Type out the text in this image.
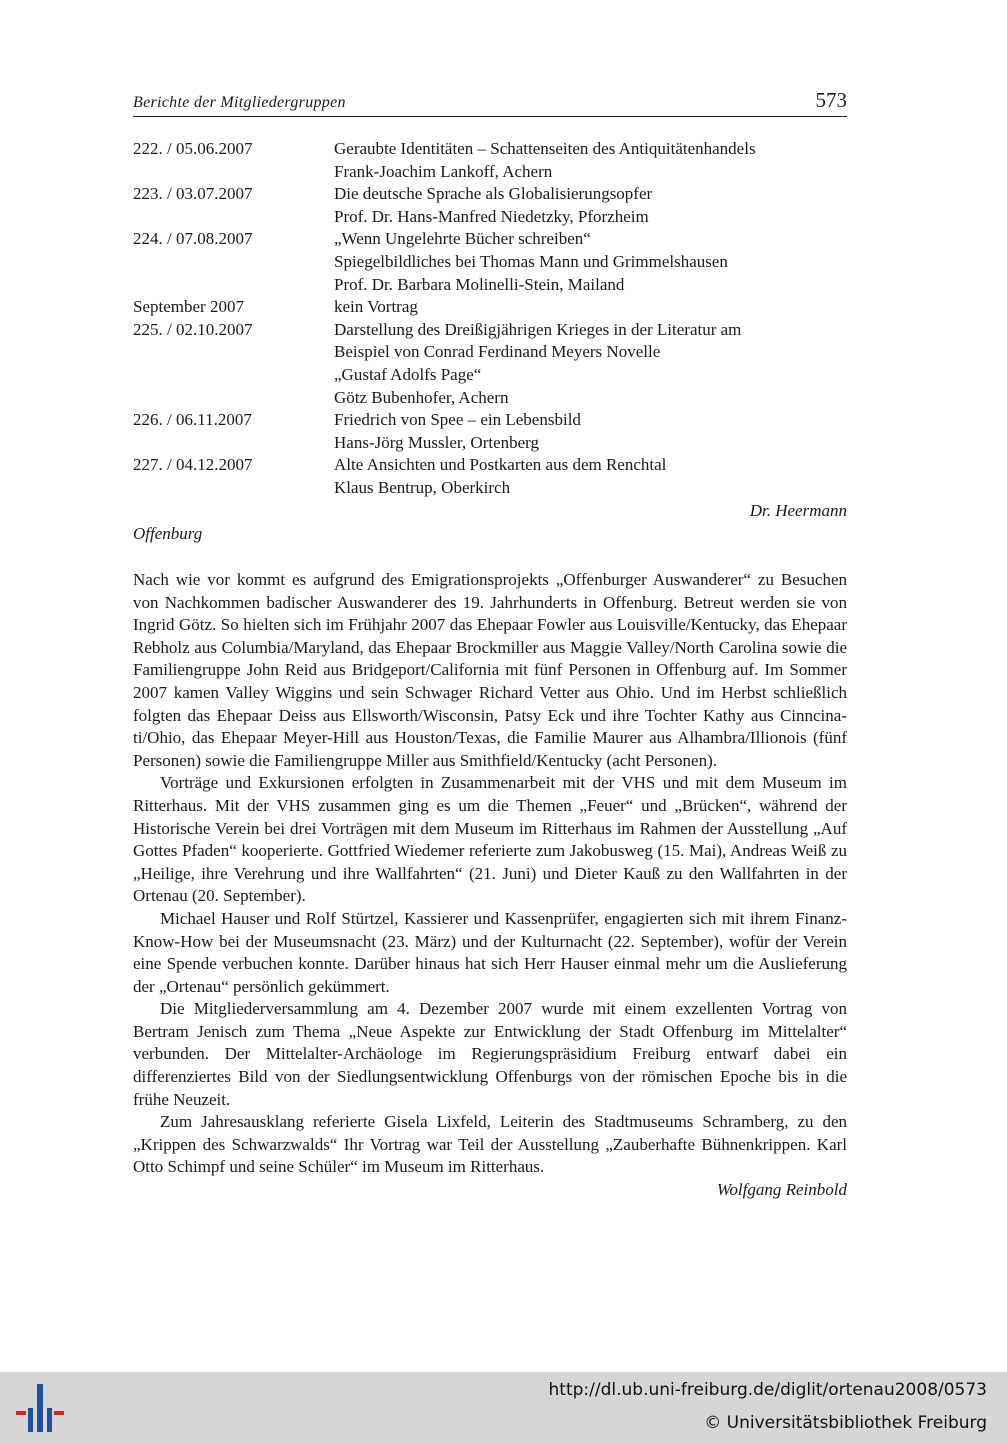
Berichte der Mitgliedergruppen	573
222. / 05.06.2007	Geraubte Identitäten – Schattenseiten des Antiquitätenhandels
Frank-Joachim Lankoff, Achern
223. / 03.07.2007	Die deutsche Sprache als Globalisierungsopfer
Prof. Dr. Hans-Manfred Niedetzky, Pforzheim
224. / 07.08.2007	„Wenn Ungelehrte Bücher schreiben“
Spiegelbildliches bei Thomas Mann und Grimmelshausen
Prof. Dr. Barbara Molinelli-Stein, Mailand
September 2007	kein Vortrag
225. / 02.10.2007	Darstellung des Dreißigjährigen Krieges in der Literatur am
Beispiel von Conrad Ferdinand Meyers Novelle
„Gustaf Adolfs Page“
Götz Bubenhofer, Achern
226. / 06.11.2007	Friedrich von Spee – ein Lebensbild
Hans-Jörg Mussler, Ortenberg
227. / 04.12.2007	Alte Ansichten und Postkarten aus dem Renchtal
Klaus Bentrup, Oberkirch
Dr. Heermann
Offenburg

Nach wie vor kommt es aufgrund des Emigrationsprojekts „Offenburger Auswanderer“ zu Besuchen von Nachkommen badischer Auswanderer des 19. Jahrhunderts in Offenburg. Betreut werden sie von Ingrid Götz. So hielten sich im Frühjahr 2007 das Ehepaar Fowler aus Louisville/Kentucky, das Ehepaar Rebholz aus Columbia/Maryland, das Ehepaar Brockmiller aus Maggie Valley/North Carolina sowie die Familiengruppe John Reid aus Bridgeport/California mit fünf Personen in Offenburg auf. Im Sommer 2007 kamen Valley Wiggins und sein Schwager Richard Vetter aus Ohio. Und im Herbst schließlich folgten das Ehepaar Deiss aus Ellsworth/Wisconsin, Patsy Eck und ihre Tochter Kathy aus Cinncinati/Ohio, das Ehepaar Meyer-Hill aus Houston/Texas, die Familie Maurer aus Alhambra/Illionois (fünf Personen) sowie die Familiengruppe Miller aus Smithfield/Kentucky (acht Personen).

Vorträge und Exkursionen erfolgten in Zusammenarbeit mit der VHS und mit dem Museum im Ritterhaus. Mit der VHS zusammen ging es um die Themen „Feuer“ und „Brücken“, während der Historische Verein bei drei Vorträgen mit dem Museum im Ritterhaus im Rahmen der Ausstellung „Auf Gottes Pfaden“ kooperierte. Gottfried Wiedemer referierte zum Jakobusweg (15. Mai), Andreas Weiß zu „Heilige, ihre Verehrung und ihre Wallfahrten“ (21. Juni) und Dieter Kauß zu den Wallfahrten in der Ortenau (20. September).

Michael Hauser und Rolf Stürtzel, Kassierer und Kassenprüfer, engagierten sich mit ihrem Finanz-Know-How bei der Museumsnacht (23. März) und der Kulturnacht (22. September), wofür der Verein eine Spende verbuchen konnte. Darüber hinaus hat sich Herr Hauser einmal mehr um die Auslieferung der „Ortenau“ persönlich gekümmert.

Die Mitgliederversammlung am 4. Dezember 2007 wurde mit einem exzellenten Vortrag von Bertram Jenisch zum Thema „Neue Aspekte zur Entwicklung der Stadt Offenburg im Mittelalter“ verbunden. Der Mittelalter-Archäologe im Regierungspräsidium Freiburg entwarf dabei ein differenziertes Bild von der Siedlungsentwicklung Offenburgs von der römischen Epoche bis in die frühe Neuzeit.

Zum Jahresausklang referierte Gisela Lixfeld, Leiterin des Stadtmuseums Schramberg, zu den „Krippen des Schwarzwalds“ Ihr Vortrag war Teil der Ausstellung „Zauberhafte Bühnenkrippen. Karl Otto Schimpf und seine Schüler“ im Museum im Ritterhaus.

Wolfgang Reinbold
http://dl.ub.uni-freiburg.de/diglit/ortenau2008/0573
© Universitätsbibliothek Freiburg
